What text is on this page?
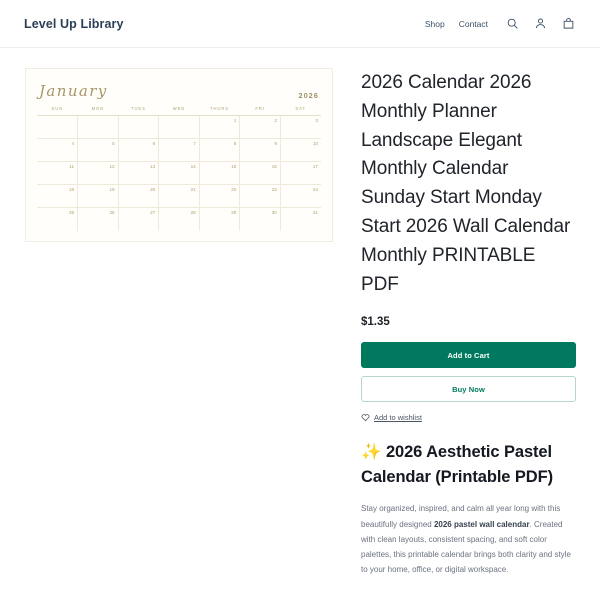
Level Up Library	Shop Contact
January	2026
SUN	MON	TUES	WED	THURS	FRI	SAT
				1	2	3
4	5	6	7	8	9	10
11	12	13	14	15	16	17
18	19	20	21	22	23	24
25	26	27	28	29	30	31
2026 Calendar 2026 Monthly Planner Landscape Elegant Monthly Calendar Sunday Start Monday Start 2026 Wall Calendar Monthly PRINTABLE PDF
$1.35
Add to Cart
Buy Now
Add to wishlist
✨ 2026 Aesthetic Pastel Calendar (Printable PDF)

Stay organized, inspired, and calm all year long with this beautifully designed 2026 pastel wall calendar. Created with clean layouts, consistent spacing, and soft color palettes, this printable calendar brings both clarity and style to your home, office, or digital workspace.
